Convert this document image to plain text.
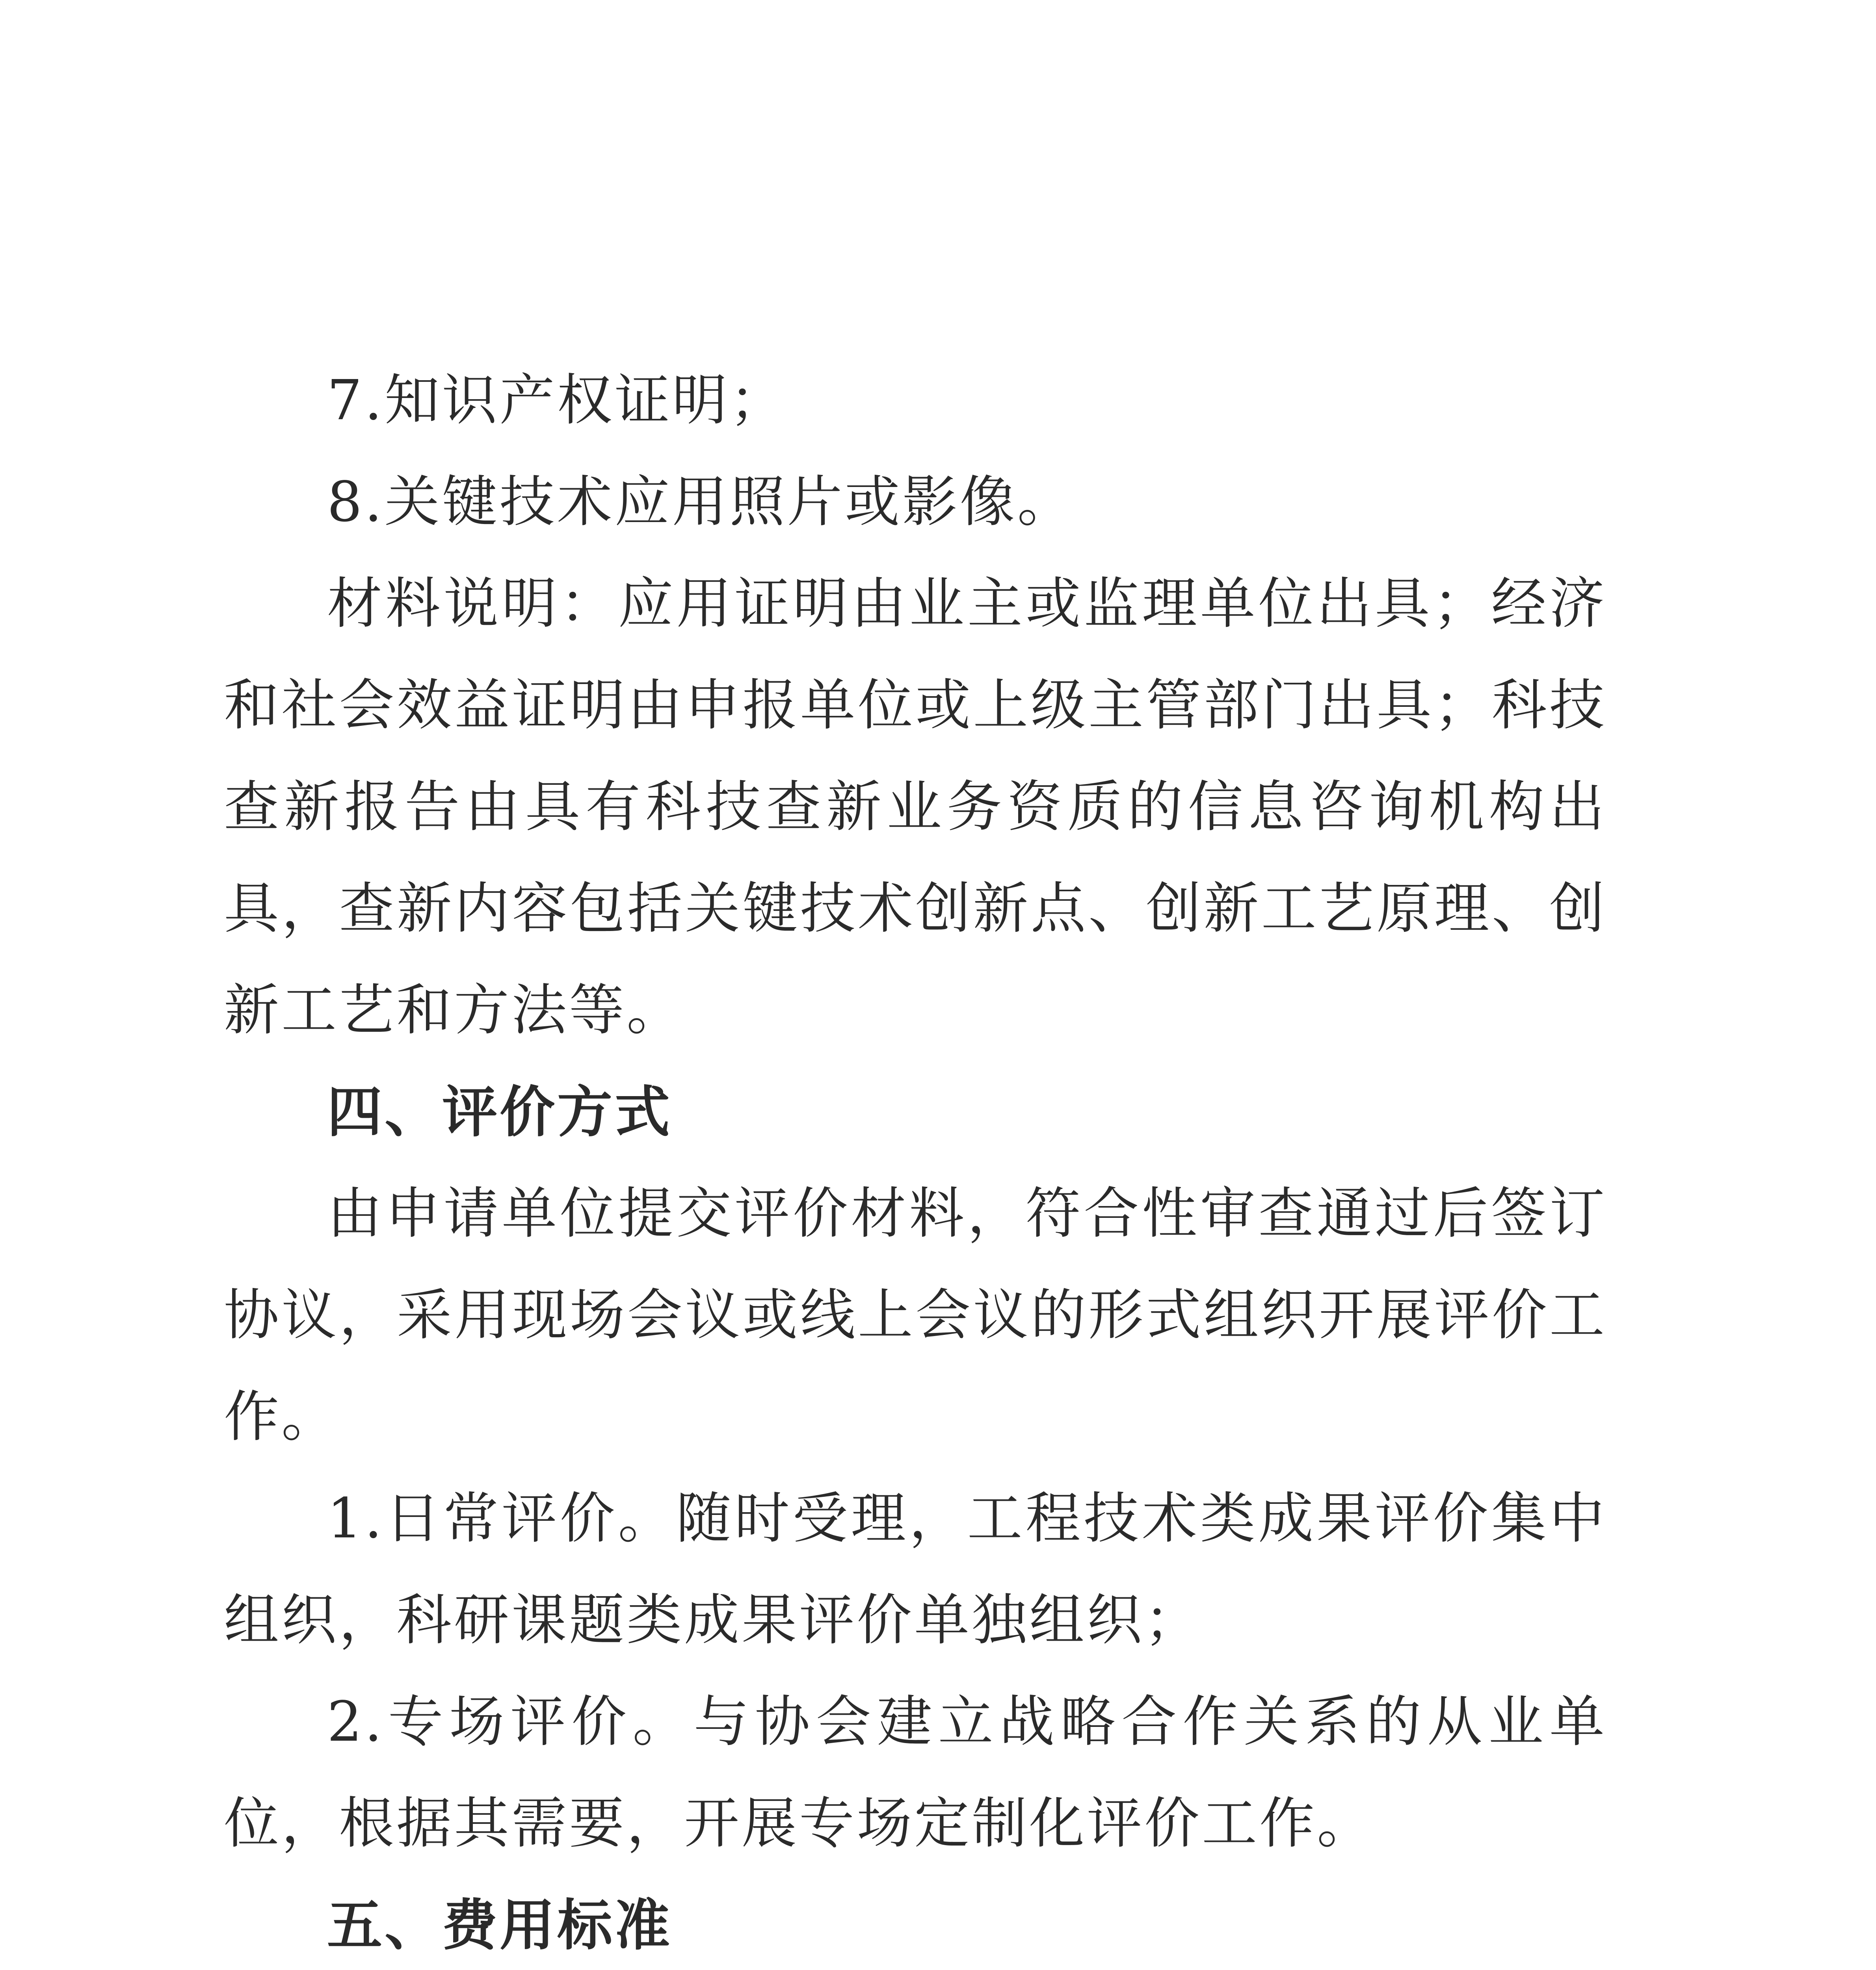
7.知识产权证明；

8.关键技术应用照片或影像。

材料说明：应用证明由业主或监理单位出具；经济和社会效益证明由申报单位或上级主管部门出具；科技查新报告由具有科技查新业务资质的信息咨询机构出具，查新内容包括关键技术创新点、创新工艺原理、创新工艺和方法等。

四、评价方式

由申请单位提交评价材料，符合性审查通过后签订协议，采用现场会议或线上会议的形式组织开展评价工作。

1.日常评价。随时受理，工程技术类成果评价集中组织，科研课题类成果评价单独组织；

2.专场评价。与协会建立战略合作关系的从业单位，根据其需要，开展专场定制化评价工作。

五、费用标准
